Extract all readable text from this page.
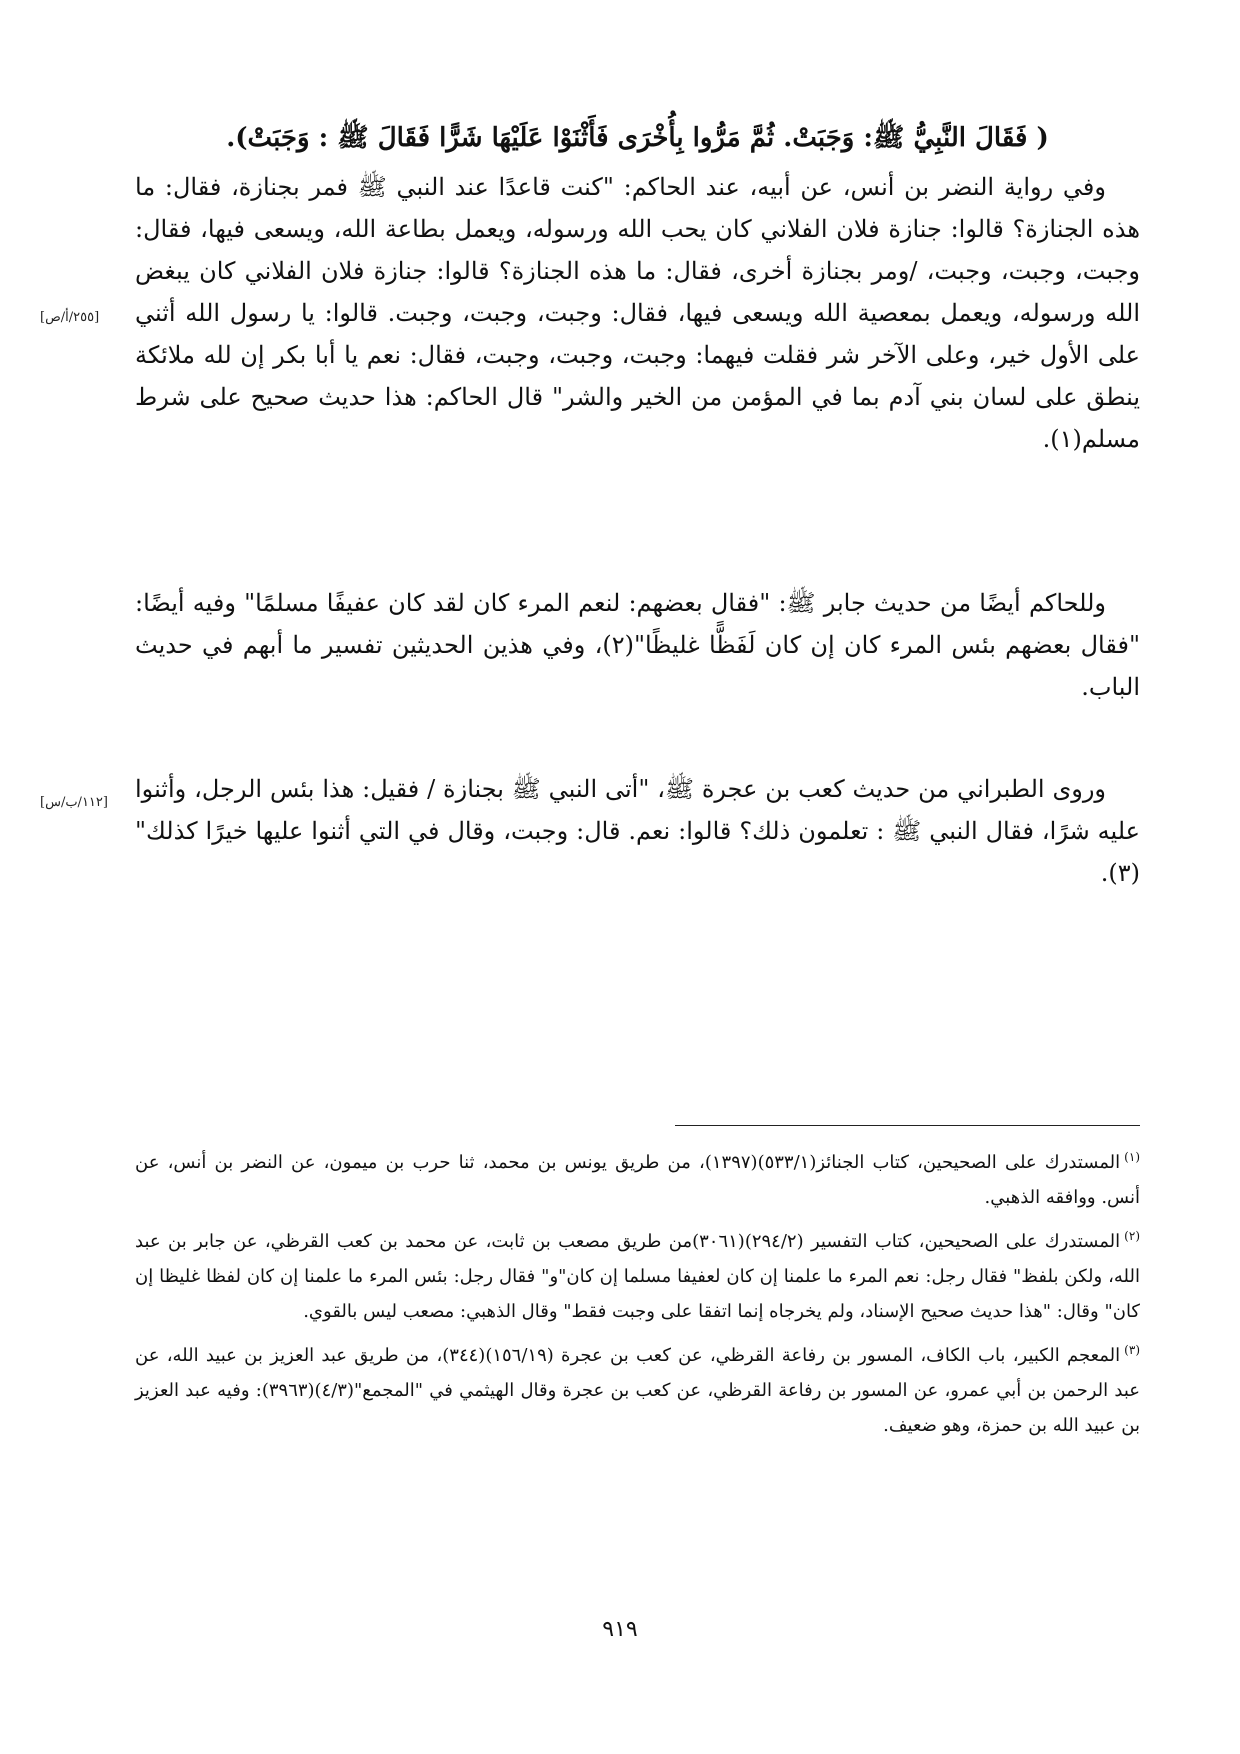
( فَقَالَ النَّبِيُّ ﷺ: وَجَبَتْ. ثُمَّ مَرُّوا بِأُخْرَى فَأَثْنَوْا عَلَيْهَا شَرًّا فَقَالَ ﷺ : وَجَبَتْ).

وفي رواية النضر بن أنس، عن أبيه، عند الحاكم: "كنت قاعدًا عند النبي ﷺ فمر بجنازة، فقال: ما هذه الجنازة؟ قالوا: جنازة فلان الفلاني كان يحب الله ورسوله، ويعمل بطاعة الله، ويسعى فيها، فقال: وجبت، وجبت، وجبت، /ومر بجنازة أخرى، فقال: ما هذه الجنازة؟ قالوا: جنازة فلان الفلاني كان يبغض الله ورسوله، ويعمل بمعصية الله ويسعى فيها، فقال: وجبت، وجبت، وجبت. قالوا: يا رسول الله أثني على الأول خير، وعلى الآخر شر فقلت فيهما: وجبت، وجبت، وجبت، فقال: نعم يا أبا بكر إن لله ملائكة ينطق على لسان بني آدم بما في المؤمن من الخير والشر" قال الحاكم: هذا حديث صحيح على شرط مسلم(١).

[٢٥٥/أ/ص]

وللحاكم أيضًا من حديث جابر ﷺ: "فقال بعضهم: لنعم المرء كان لقد كان عفيفًا مسلمًا" وفيه أيضًا: "فقال بعضهم بئس المرء كان إن كان لَفَظًّا غليظًا"(٢)، وفي هذين الحديثين تفسير ما أبهم في حديث الباب.

وروى الطبراني من حديث كعب بن عجرة ﷺ، "أتى النبي ﷺ بجنازة / فقيل: هذا بئس الرجل، وأثنوا عليه شرًا، فقال النبي ﷺ : تعلمون ذلك؟ قالوا: نعم. قال: وجبت، وقال في التي أثنوا عليها خيرًا كذلك"(٣).

[١١٢/ب/س]

$^{(١)}$المستدرك على الصحيحين، كتاب الجنائز(٥٣٣/١)(١٣٩٧)، من طريق يونس بن محمد، ثنا حرب بن ميمون، عن النضر بن أنس، عن أنس. ووافقه الذهبي.

$^{(٢)}$المستدرك على الصحيحين، كتاب التفسير (٢٩٤/٢)(٣٠٦١)من طريق مصعب بن ثابت، عن محمد بن كعب القرظي، عن جابر بن عبد الله، ولكن بلفظ" فقال رجل: نعم المرء ما علمنا إن كان لعفيفا مسلما إن كان"و" فقال رجل: بئس المرء ما علمنا إن كان لفظا غليظا إن كان" وقال: "هذا حديث صحيح الإسناد، ولم يخرجاه إنما اتفقا على وجبت فقط" وقال الذهبي: مصعب ليس بالقوي.

$^{(٣)}$المعجم الكبير، باب الكاف، المسور بن رفاعة القرظي، عن كعب بن عجرة (١٥٦/١٩)(٣٤٤)، من طريق عبد العزيز بن عبيد الله، عن عبد الرحمن بن أبي عمرو، عن المسور بن رفاعة القرظي، عن كعب بن عجرة وقال الهيثمي في "المجمع"(٤/٣)(٣٩٦٣): وفيه عبد العزيز بن عبيد الله بن حمزة، وهو ضعيف.

٩١٩
